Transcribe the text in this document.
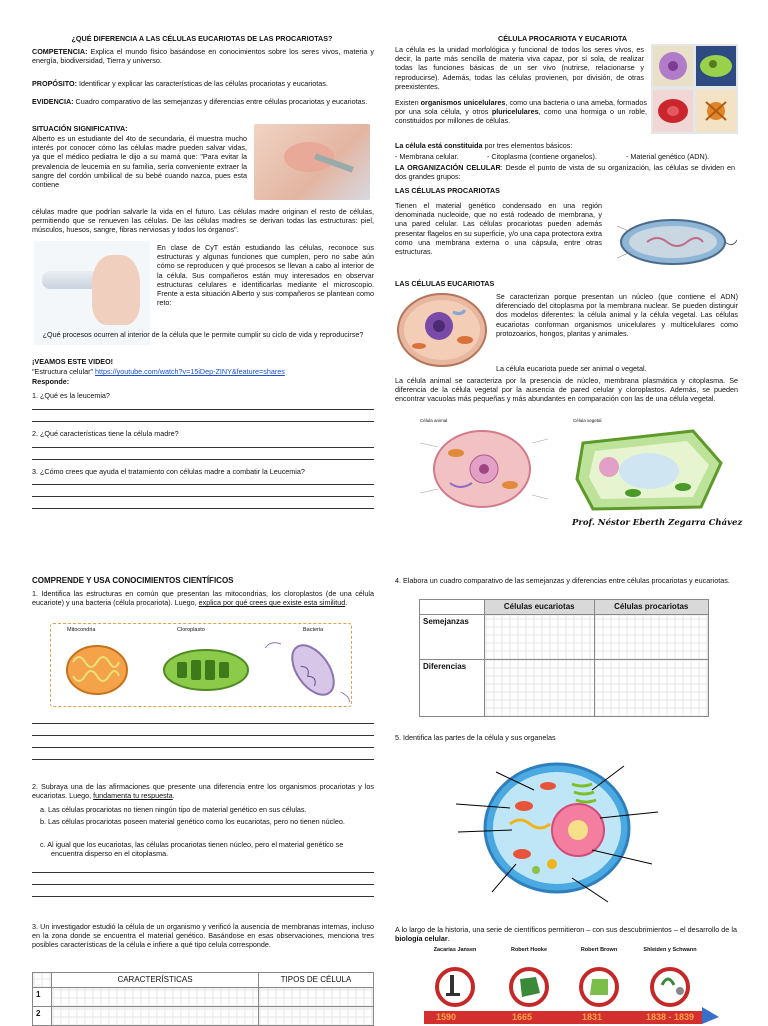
¿QUÉ DIFERENCIA A LAS CÉLULAS EUCARIOTAS DE LAS PROCARIOTAS?
COMPETENCIA: Explica el mundo físico basándose en conocimientos sobre los seres vivos, materia y energía, biodiversidad, Tierra y universo.
PROPÓSITO: Identificar y explicar las características de las células procariotas y eucariotas.
EVIDENCIA: Cuadro comparativo de las semejanzas y diferencias entre células procariotas y eucariotas.
SITUACIÓN SIGNIFICATIVA:
Alberto es un estudiante del 4to de secundaria, él muestra mucho interés por conocer cómo las células madre pueden salvar vidas, ya que el médico pediatra le dijo a su mamá que: "Para evitar la prevalencia de leucemia en su familia, sería conveniente extraer la sangre del cordón umbilical de su bebé cuando nazca, pues esta contiene
células madre que podrían salvarle la vida en el futuro. Las células madre originan el resto de células, permitiendo que se renueven las células. De las células madres se derivan todas las estructuras: piel, músculos, huesos, sangre, fibras nerviosas y todos los órganos".
En clase de CyT están estudiando las células, reconoce sus estructuras y algunas funciones que cumplen, pero no sabe aún cómo se reproducen y qué procesos se llevan a cabo al interior de la célula. Sus compañeros están muy interesados en observar estructuras celulares e identificarlas mediante el microscopio. Frente a esta situación Alberto y sus compañeros se plantean como reto:
¿Qué procesos ocurren al interior de la célula que le permite cumplir su ciclo de vida y reproducirse?
¡VEAMOS ESTE VIDEO!
"Estructura celular" https://youtube.com/watch?v=15iDep-ZINY&feature=shares
Responde:
1. ¿Qué es la leucemia?
2. ¿Qué características tiene la célula madre?
3. ¿Cómo crees que ayuda el tratamiento con células madre a combatir la Leucemia?
CÉLULA PROCARIOTA Y EUCARIOTA
La célula es la unidad morfológica y funcional de todos los seres vivos, es decir, la parte más sencilla de materia viva capaz, por sí sola, de realizar todas las funciones básicas de un ser vivo (nutrirse, relacionarse y reproducirse). Además, todas las células provienen, por división, de otras preexistentes.
Existen organismos unicelulares, como una bacteria o una ameba, formados por una sola célula, y otros pluricelulares, como una hormiga o un roble, constituidos por millones de células.
La célula está constituida por tres elementos básicos:
- Membrana celular.	- Citoplasma (contiene organelos).	- Material genético (ADN).
LA ORGANIZACIÓN CELULAR: Desde el punto de vista de su organización, las células se dividen en dos grandes grupos:
LAS CÉLULAS PROCARIOTAS
Tienen el material genético condensado en una región denominada nucleoide, que no está rodeado de membrana, y una pared celular. Las células procariotas pueden además presentar flagelos en su superficie, y/o una capa protectora extra como una membrana externa o una cápsula, entre otras estructuras.
LAS CÉLULAS EUCARIOTAS
Se caracterizan porque presentan un núcleo (que contiene el ADN) diferenciado del citoplasma por la membrana nuclear. Se pueden distinguir dos modelos diferentes: la célula animal y la célula vegetal. Las células eucariotas conforman organismos unicelulares y multicelulares como protozoarios, hongos, plantas y animales.
La célula eucariota puede ser animal o vegetal.
La célula animal se caracteriza por la presencia de núcleo, membrana plasmática y citoplasma. Se diferencia de la célula vegetal por la ausencia de pared celular y cloroplastos. Además, se pueden encontrar vacuolas más pequeñas y más abundantes en comparación con las de una célula vegetal.
Célula animal	Célula vegetal
Prof. Néstor Eberth Zegarra Chávez
COMPRENDE Y USA CONOCIMIENTOS CIENTÍFICOS
1. Identifica las estructuras en común que presentan las mitocondrias, los cloroplastos (de una célula eucariote) y una bacteria (célula procariota). Luego, explica por qué crees que existe esta similitud.
Mitocondria	Cloroplasto	Bacteria
2. Subraya una de las afirmaciones que presente una diferencia entre los organismos procariotas y los eucariotas. Luego, fundamenta tu respuesta.
a. Las células procariotas no tienen ningún tipo de material genético en sus células.
b. Las células procariotas poseen material genético como los eucariotas, pero no tienen núcleo.
c. Al igual que los eucariotas, las células procariotas tienen núcleo, pero el material genético se encuentra disperso en el citoplasma.
3. Un investigador estudió la célula de un organismo y verificó la ausencia de membranas internas, incluso en la zona donde se encuentra el material genético. Basándose en esas observaciones, menciona tres posibles características de la célula e infiere a qué tipo celula corresponde.
	CARACTERÍSTICAS	TIPOS DE CÉLULA
1		
2		
4. Elabora un cuadro comparativo de las semejanzas y diferencias entre células procariotas y eucariotas.
	Células eucariotas	Células procariotas
Semejanzas		
Diferencias		
5. Identifica las partes de la célula y sus organelas
A lo largo de la historia, una serie de científicos permitieron – con sus descubrimientos – el desarrollo de la biología celular.
Zacarías Jansen	Robert Hooke	Robert Brown	Shleiden y Schwann
1590	1665	1831	1838 - 1839
